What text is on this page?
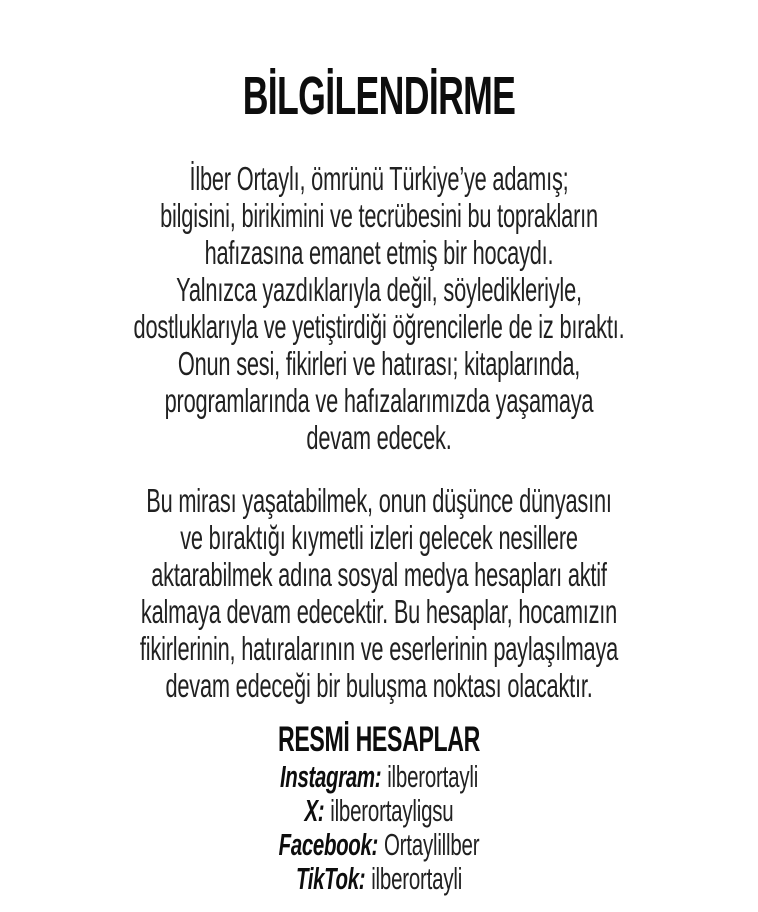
BİLGİLENDİRME
İlber Ortaylı, ömrünü Türkiye’ye adamış;
bilgisini, birikimini ve tecrübesini bu toprakların
hafızasına emanet etmiş bir hocaydı.
Yalnızca yazdıklarıyla değil, söyledikleriyle,
dostluklarıyla ve yetiştirdiği öğrencilerle de iz bıraktı.
Onun sesi, fikirleri ve hatırası; kitaplarında,
programlarında ve hafızalarımızda yaşamaya
devam edecek.
Bu mirası yaşatabilmek, onun düşünce dünyasını
ve bıraktığı kıymetli izleri gelecek nesillere
aktarabilmek adına sosyal medya hesapları aktif
kalmaya devam edecektir. Bu hesaplar, hocamızın
fikirlerinin, hatıralarının ve eserlerinin paylaşılmaya
devam edeceği bir buluşma noktası olacaktır.
RESMİ HESAPLAR
Instagram: ilberortayli
X: ilberortayligsu
Facebook: Ortaylillber
TikTok: ilberortayli
